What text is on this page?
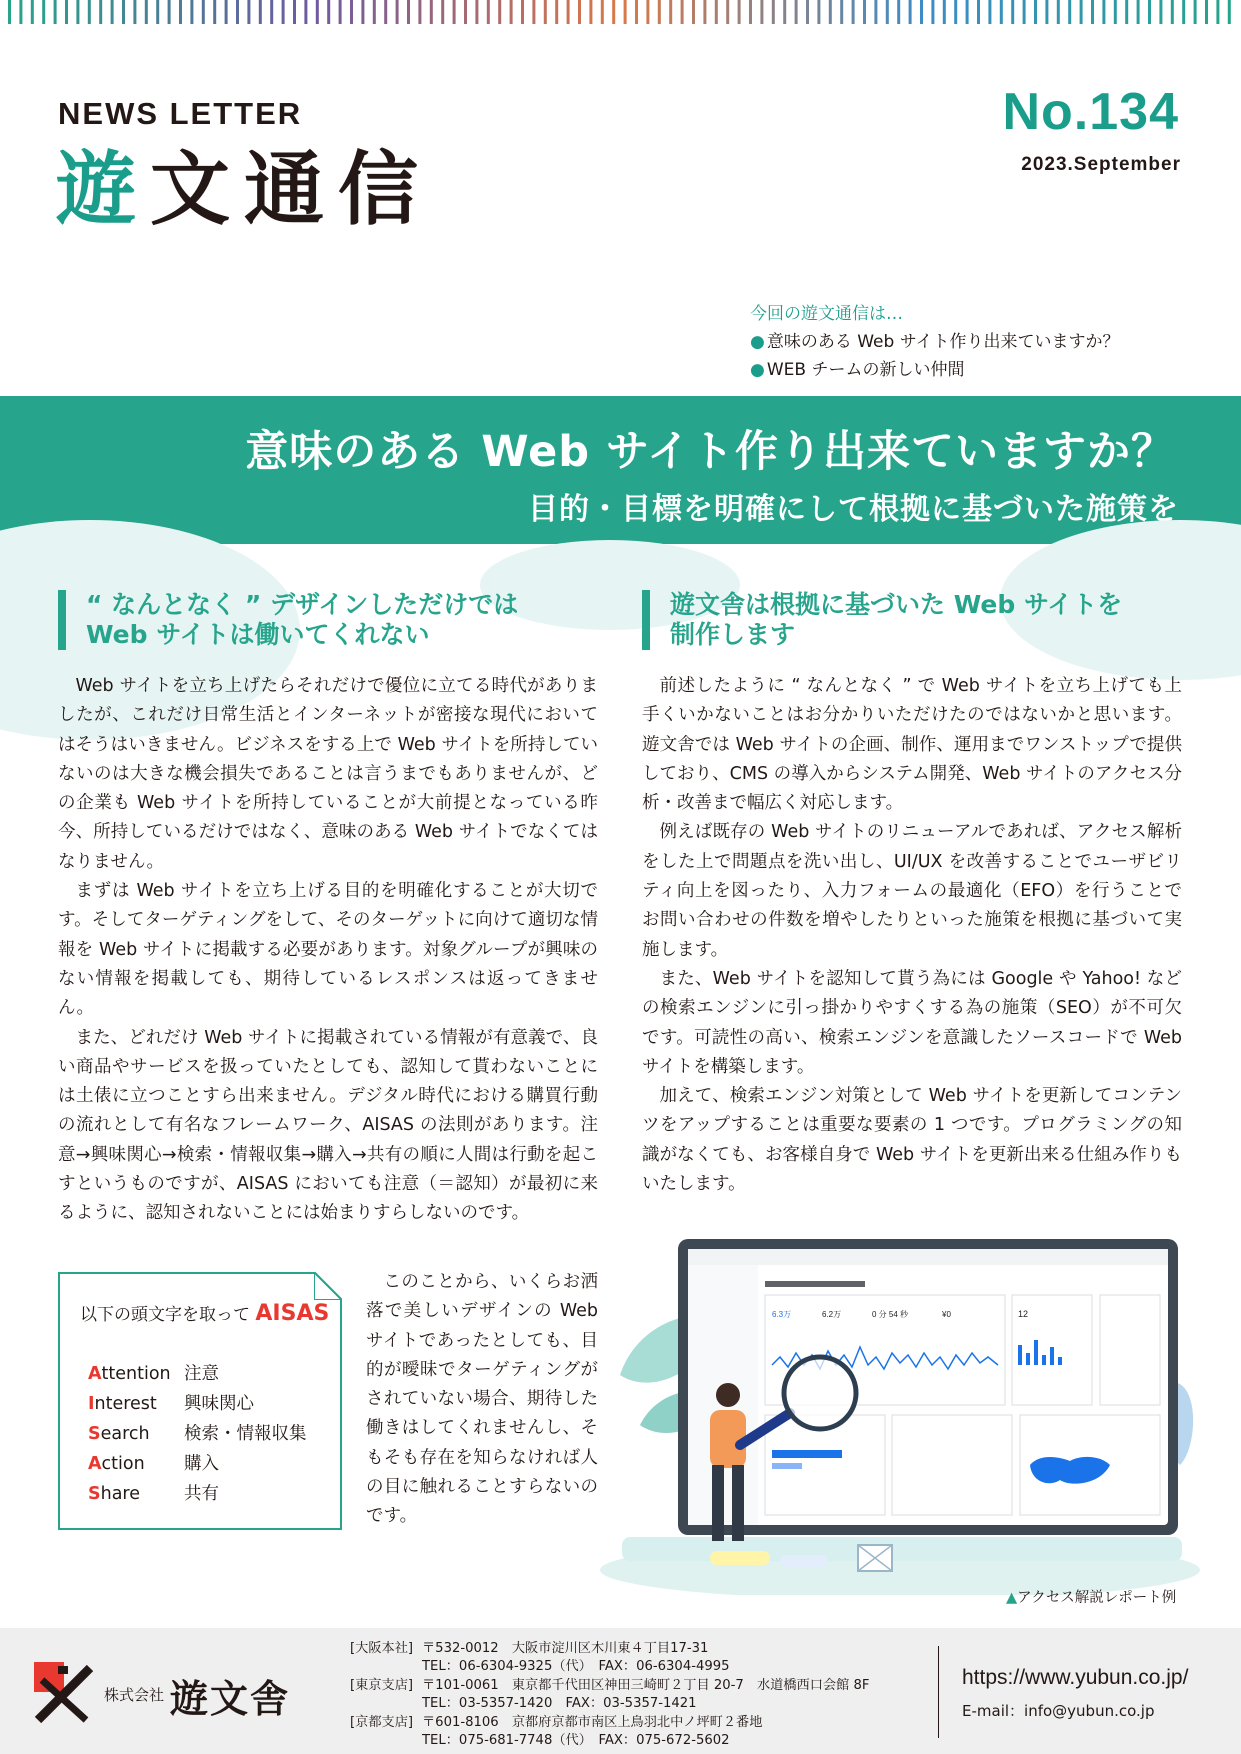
NEWS LETTER
遊文通信
No.134
2023.September
今回の遊文通信は…
● 意味のある Web サイト作り出来ていますか？
● WEB チームの新しい仲間
意味のある Web サイト作り出来ていますか？
目的・目標を明確にして根拠に基づいた施策を
“ なんとなく ” デザインしただけでは
Web サイトは働いてくれない

Web サイトを立ち上げたらそれだけで優位に立てる時代がありましたが、これだけ日常生活とインターネットが密接な現代においてはそうはいきません。ビジネスをする上で Web サイトを所持していないのは大きな機会損失であることは言うまでもありませんが、どの企業も Web サイトを所持していることが大前提となっている昨今、所持しているだけではなく、意味のある Web サイトでなくてはなりません。

まずは Web サイトを立ち上げる目的を明確化することが大切です。そしてターゲティングをして、そのターゲットに向けて適切な情報を Web サイトに掲載する必要があります。対象グループが興味のない情報を掲載しても、期待しているレスポンスは返ってきません。

また、どれだけ Web サイトに掲載されている情報が有意義で、良い商品やサービスを扱っていたとしても、認知して貰わないことには土俵に立つことすら出来ません。デジタル時代における購買行動の流れとして有名なフレームワーク、AISAS の法則があります。注意→興味関心→検索・情報収集→購入→共有の順に人間は行動を起こすというものですが、AISAS においても注意（＝認知）が最初に来るように、認知されないことには始まりすらしないのです。

このことから、いくらお洒落で美しいデザインの Web サイトであったとしても、目的が曖昧でターゲティングがされていない場合、期待した働きはしてくれませんし、そもそも存在を知らなければ人の目に触れることすらないのです。

以下の頭文字を取って AISAS
Attention 注意
Interest 興味関心
Search 検索・情報収集
Action 購入
Share	共有
遊文舎は根拠に基づいた Web サイトを
制作します

前述したように “ なんとなく ” で Web サイトを立ち上げても上手くいかないことはお分かりいただけたのではないかと思います。遊文舎では Web サイトの企画、制作、運用までワンストップで提供しており、CMS の導入からシステム開発、Web サイトのアクセス分析・改善まで幅広く対応します。

例えば既存の Web サイトのリニューアルであれば、アクセス解析をした上で問題点を洗い出し、UI/UX を改善することでユーザビリティ向上を図ったり、入力フォームの最適化（EFO）を行うことでお問い合わせの件数を増やしたりといった施策を根拠に基づいて実施します。

また、Web サイトを認知して貰う為には Google や Yahoo! などの検索エンジンに引っ掛かりやすくする為の施策（SEO）が不可欠です。可読性の高い、検索エンジンを意識したソースコードで Web サイトを構築します。

加えて、検索エンジン対策として Web サイトを更新してコンテンツをアップすることは重要な要素の 1 つです。プログラミングの知識がなくても、お客様自身で Web サイトを更新出来る仕組み作りもいたします。

6.3万	6.2万	0 分 54 秒	¥0	12
▲アクセス解説レポート例
株式会社 遊文舎
[大阪本社] 〒532-0012　大阪市淀川区木川東４丁目17-31
TEL：06-6304-9325（代）　FAX：06-6304-4995
[東京支店] 〒101-0061　東京都千代田区神田三崎町２丁目 20-7　水道橋西口会館 8F
TEL：03-5357-1420　FAX：03-5357-1421
[京都支店] 〒601-8106　京都府京都市南区上鳥羽北中ノ坪町２番地
TEL：075-681-7748（代）　FAX：075-672-5602
https://www.yubun.co.jp/
E-mail：info@yubun.co.jp
